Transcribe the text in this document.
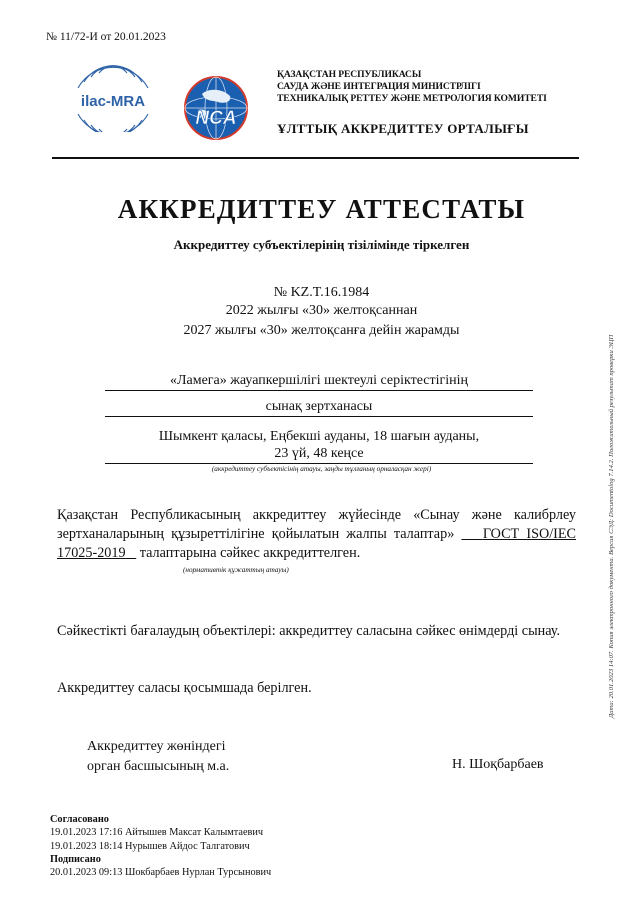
№ 11/72-И от 20.01.2023
ilac-MRA
NCA
ҚАЗАҚСТАН РЕСПУБЛИКАСЫ
САУДА ЖӘНЕ ИНТЕГРАЦИЯ МИНИСТРЛІГІ
ТЕХНИКАЛЫҚ РЕТТЕУ ЖӘНЕ МЕТРОЛОГИЯ КОМИТЕТІ
ҰЛТТЫҚ АККРЕДИТТЕУ ОРТАЛЫҒЫ
АККРЕДИТТЕУ АТТЕСТАТЫ
Аккредиттеу субъектілерінің тізілімінде тіркелген
№ KZ.T.16.1984
2022 жылғы «30» желтоқсаннан
2027 жылғы «30» желтоқсанға дейін жарамды
«Ламега» жауапкершілігі шектеулі серіктестігінің
сынақ зертханасы
Шымкент қаласы, Еңбекші ауданы, 18 шағын ауданы,
23 үй, 48 кеңсе
(аккредиттеу субъектісінің атауы, заңды тұлғаның орналасқан жері)
Қазақстан Республикасының аккредиттеу жүйесінде «Сынау және калибрлеу зертханаларының құзыреттілігіне қойылатын жалпы талаптар» ГОСТ ISO/IEC 17025-2019 талаптарына сәйкес аккредиттелген.
(нормативтік құжаттың атауы)
Сәйкестікті бағалаудың объектілері: аккредиттеу саласына сәйкес өнімдерді сынау.
Аккредиттеу саласы қосымшада берілген.
Аккредиттеу жөніндегі
орган басшысының м.а.	Н. Шоқбарбаев
Согласовано
19.01.2023 17:16 Айтышев Максат Калымтаевич
19.01.2023 18:14 Нурышев Айдос Талгатович
Подписано
20.01.2023 09:13 Шокбарбаев Нурлан Турсынович
Дата: 20.01.2023 14:07. Копия электронного документа. Версия СЭД: Documentolog 7.14.2. Положительный результат проверки ЭЦП
